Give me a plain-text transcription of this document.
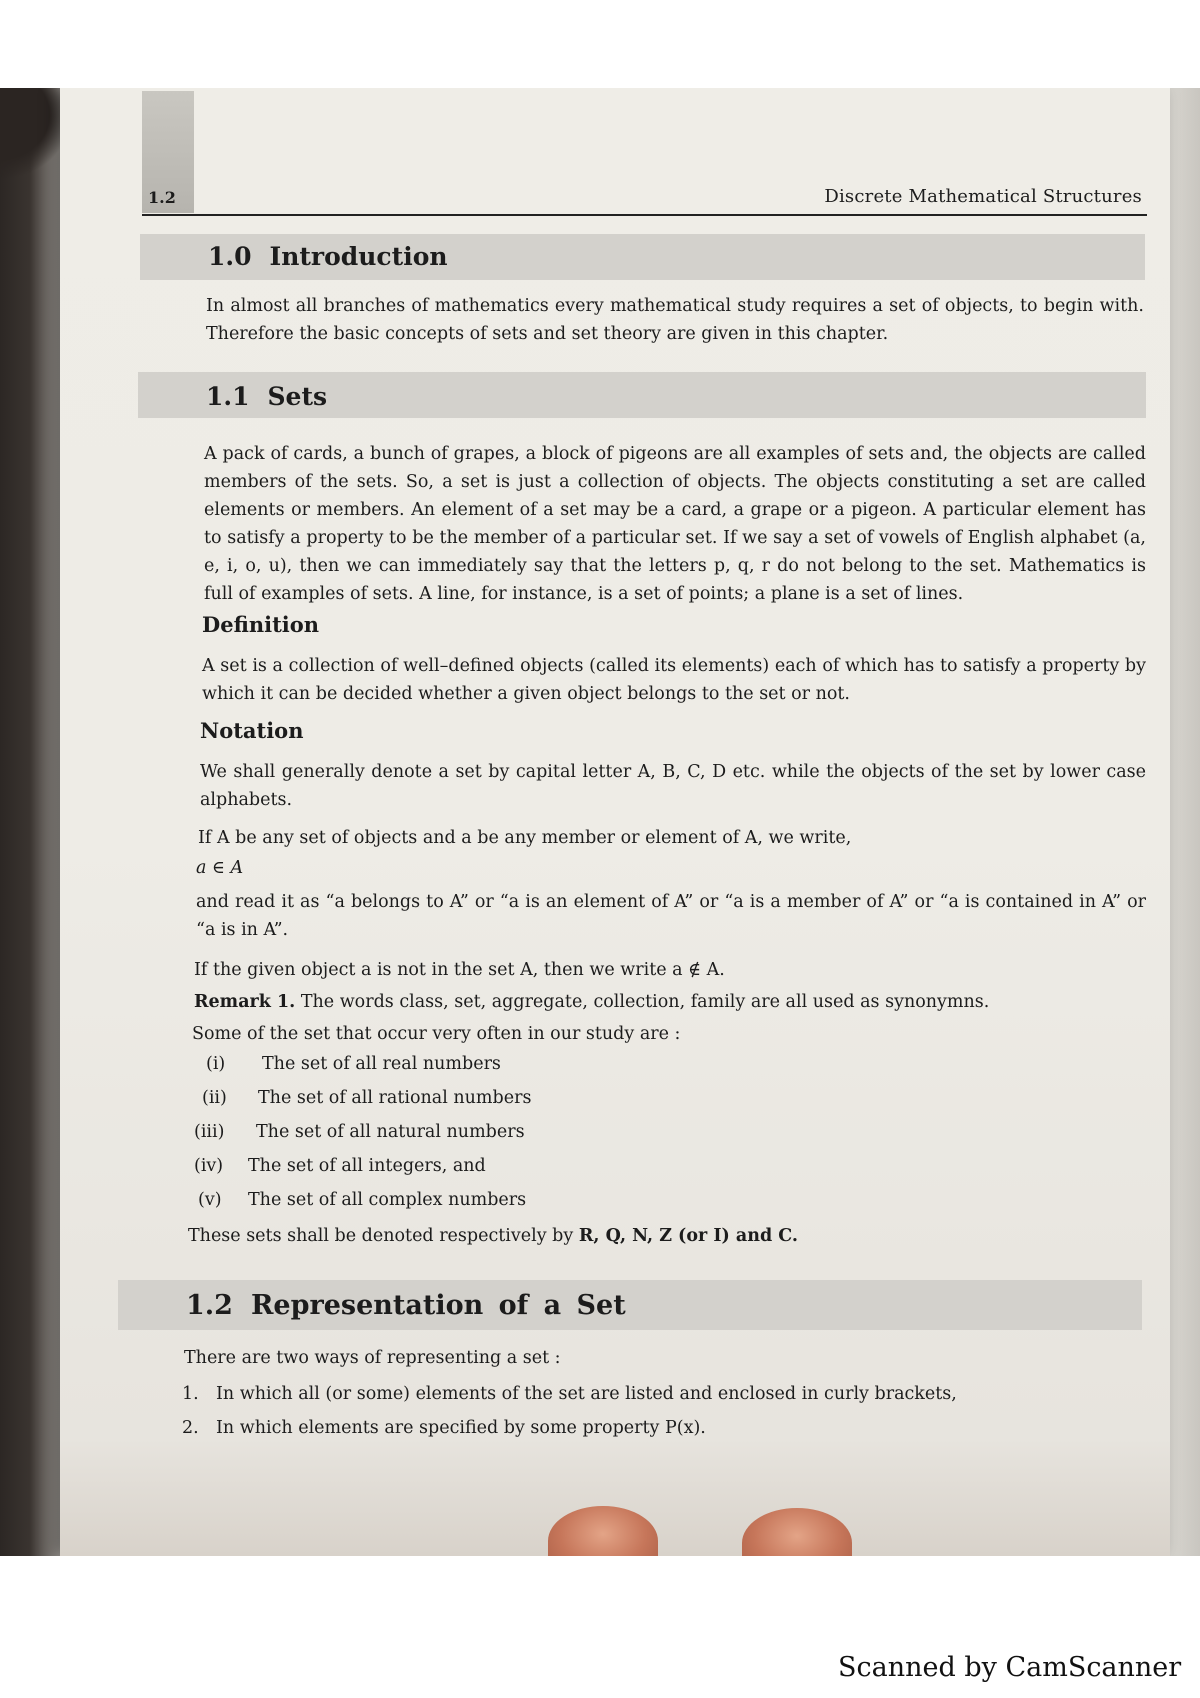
1.2	Discrete Mathematical Structures
1.0 Introduction
In almost all branches of mathematics every mathematical study requires a set of objects, to begin with. Therefore the basic concepts of sets and set theory are given in this chapter.
1.1 Sets
A pack of cards, a bunch of grapes, a block of pigeons are all examples of sets and, the objects are called members of the sets. So, a set is just a collection of objects. The objects constituting a set are called elements or members. An element of a set may be a card, a grape or a pigeon. A particular element has to satisfy a property to be the member of a particular set. If we say a set of vowels of English alphabet (a, e, i, o, u), then we can immediately say that the letters p, q, r do not belong to the set. Mathematics is full of examples of sets. A line, for instance, is a set of points; a plane is a set of lines.
Definition
A set is a collection of well–defined objects (called its elements) each of which has to satisfy a property by which it can be decided whether a given object belongs to the set or not.
Notation
We shall generally denote a set by capital letter A, B, C, D etc. while the objects of the set by lower case alphabets.
If A be any set of objects and a be any member or element of A, we write,
a ∈ A
and read it as “a belongs to A” or “a is an element of A” or “a is a member of A” or “a is contained in A” or “a is in A”.
If the given object a is not in the set A, then we write a ∉ A.
Remark 1. The words class, set, aggregate, collection, family are all used as synonymns.
Some of the set that occur very often in our study are :
(i) The set of all real numbers
(ii) The set of all rational numbers
(iii) The set of all natural numbers
(iv) The set of all integers, and
(v) The set of all complex numbers
These sets shall be denoted respectively by R, Q, N, Z (or I) and C.
1.2 Representation of a Set
There are two ways of representing a set :
1. In which all (or some) elements of the set are listed and enclosed in curly brackets,
2. In which elements are specified by some property P(x).
Scanned by CamScanner
